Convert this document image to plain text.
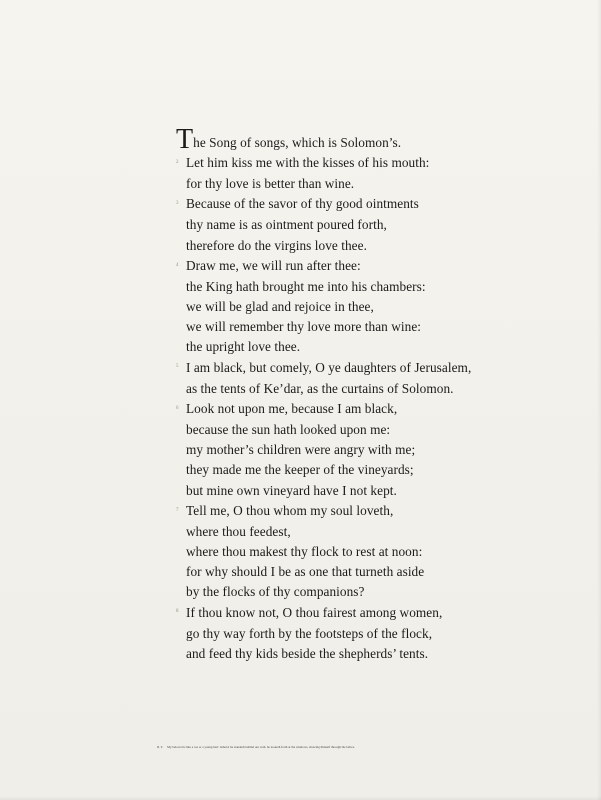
The Song of songs, which is Solomon’s.
2 Let him kiss me with the kisses of his mouth:
for thy love is better than wine.
3 Because of the savor of thy good ointments
thy name is as ointment poured forth,
therefore do the virgins love thee.
4 Draw me, we will run after thee:
the King hath brought me into his chambers:
we will be glad and rejoice in thee,
we will remember thy love more than wine:
the upright love thee.
5 I am black, but comely, O ye daughters of Jerusalem,
as the tents of Ke’dar, as the curtains of Solomon.
6 Look not upon me, because I am black,
because the sun hath looked upon me:
my mother’s children were angry with me;
they made me the keeper of the vineyards;
but mine own vineyard have I not kept.
7 Tell me, O thou whom my soul loveth,
where thou feedest,
where thou makest thy flock to rest at noon:
for why should I be as one that turneth aside
by the flocks of thy companions?
8 If thou know not, O thou fairest among women,
go thy way forth by the footsteps of the flock,
and feed thy kids beside the shepherds’ tents.
II. 9 My beloved is like a roe or a young hart: behold, he standeth behind our wall, he looketh forth at the windows, showing himself through the lattice.
